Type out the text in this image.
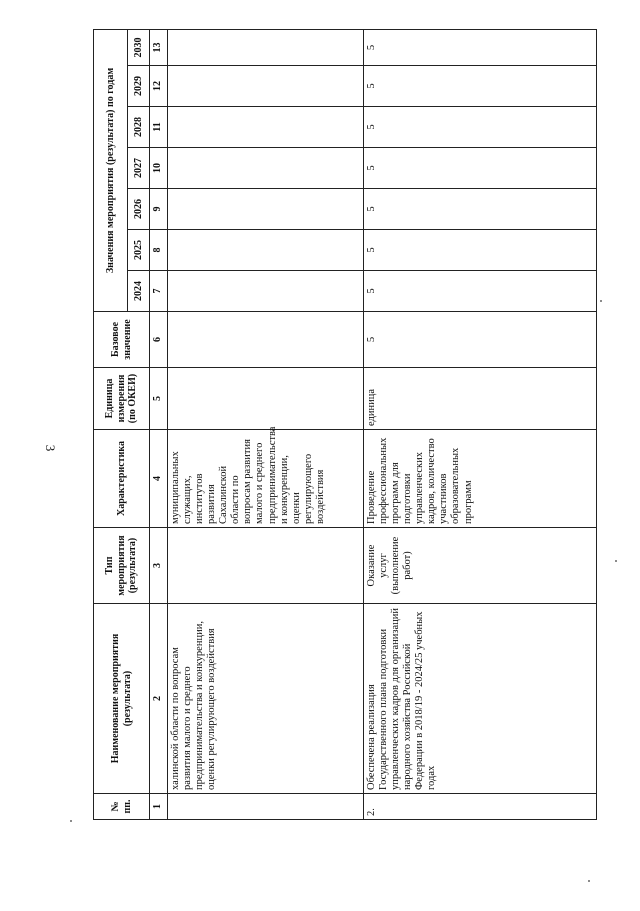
3
№ пп.	Наименование мероприятия (результата)	Тип мероприятия (результата)	Характеристика	Единица измерения (по ОКЕИ)	Базовое значение	Значения мероприятия (результата) по годам						
						2024	2025	2026	2027	2028	2029	2030
1	2	3	4	5	6	7	8	9	10	11	12	13
	халинской области по вопросам развития малого и среднего предпринимательства и конкуренции, оценки регулирующего воздействия		муниципальных служащих, институтов развития Сахалинской области по вопросам развития малого и среднего предпринимательства и конкуренции, оценки регулирующего воздействия									
2.	Обеспечена реализация Государственного плана подготовки управленческих кадров для организаций народного хозяйства Российской Федерации в 2018/19 - 2024/25 учебных годах	Оказание услуг (выполнение работ)	Проведение профессиональных программ для подготовки управленческих кадров, количество участников образовательных программ	единица	5	5	5	5	5	5	5	5
